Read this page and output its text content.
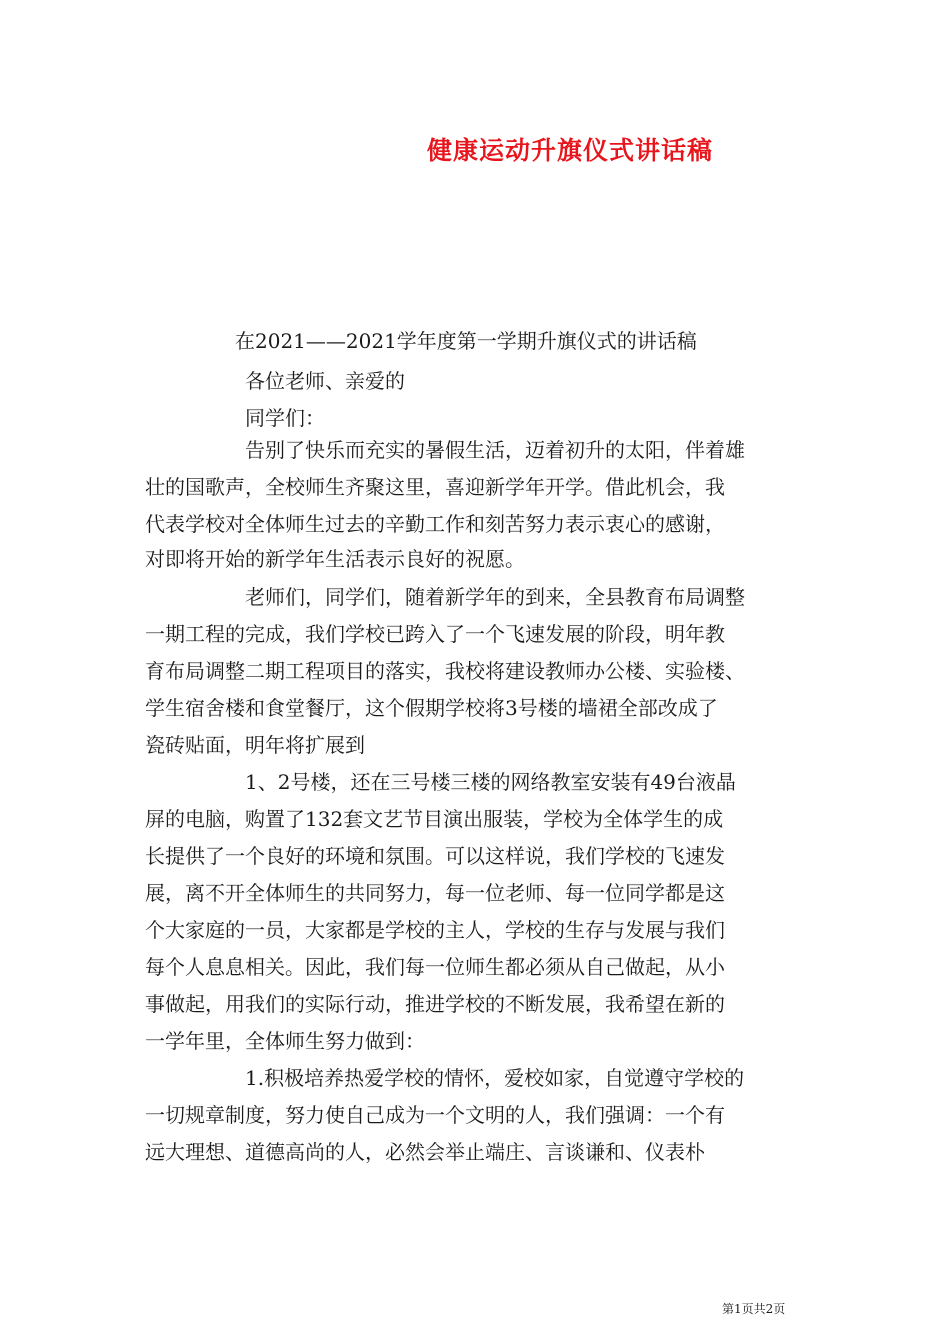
健康运动升旗仪式讲话稿
在2021——2021学年度第一学期升旗仪式的讲话稿
各位老师、亲爱的
同学们：
告别了快乐而充实的暑假生活，迈着初升的太阳，伴着雄
壮的国歌声，全校师生齐聚这里，喜迎新学年开学。借此机会，我
代表学校对全体师生过去的辛勤工作和刻苦努力表示衷心的感谢，
对即将开始的新学年生活表示良好的祝愿。
老师们，同学们，随着新学年的到来，全县教育布局调整
一期工程的完成，我们学校已跨入了一个飞速发展的阶段，明年教
育布局调整二期工程项目的落实，我校将建设教师办公楼、实验楼、
学生宿舍楼和食堂餐厅，这个假期学校将3号楼的墙裙全部改成了
瓷砖贴面，明年将扩展到
1、2号楼，还在三号楼三楼的网络教室安装有49台液晶
屏的电脑，购置了132套文艺节目演出服装，学校为全体学生的成
长提供了一个良好的环境和氛围。可以这样说，我们学校的飞速发
展，离不开全体师生的共同努力，每一位老师、每一位同学都是这
个大家庭的一员，大家都是学校的主人，学校的生存与发展与我们
每个人息息相关。因此，我们每一位师生都必须从自己做起，从小
事做起，用我们的实际行动，推进学校的不断发展，我希望在新的
一学年里，全体师生努力做到：
1.积极培养热爱学校的情怀，爱校如家，自觉遵守学校的
一切规章制度，努力使自己成为一个文明的人，我们强调：一个有
远大理想、道德高尚的人，必然会举止端庄、言谈谦和、仪表朴
第1页共2页
